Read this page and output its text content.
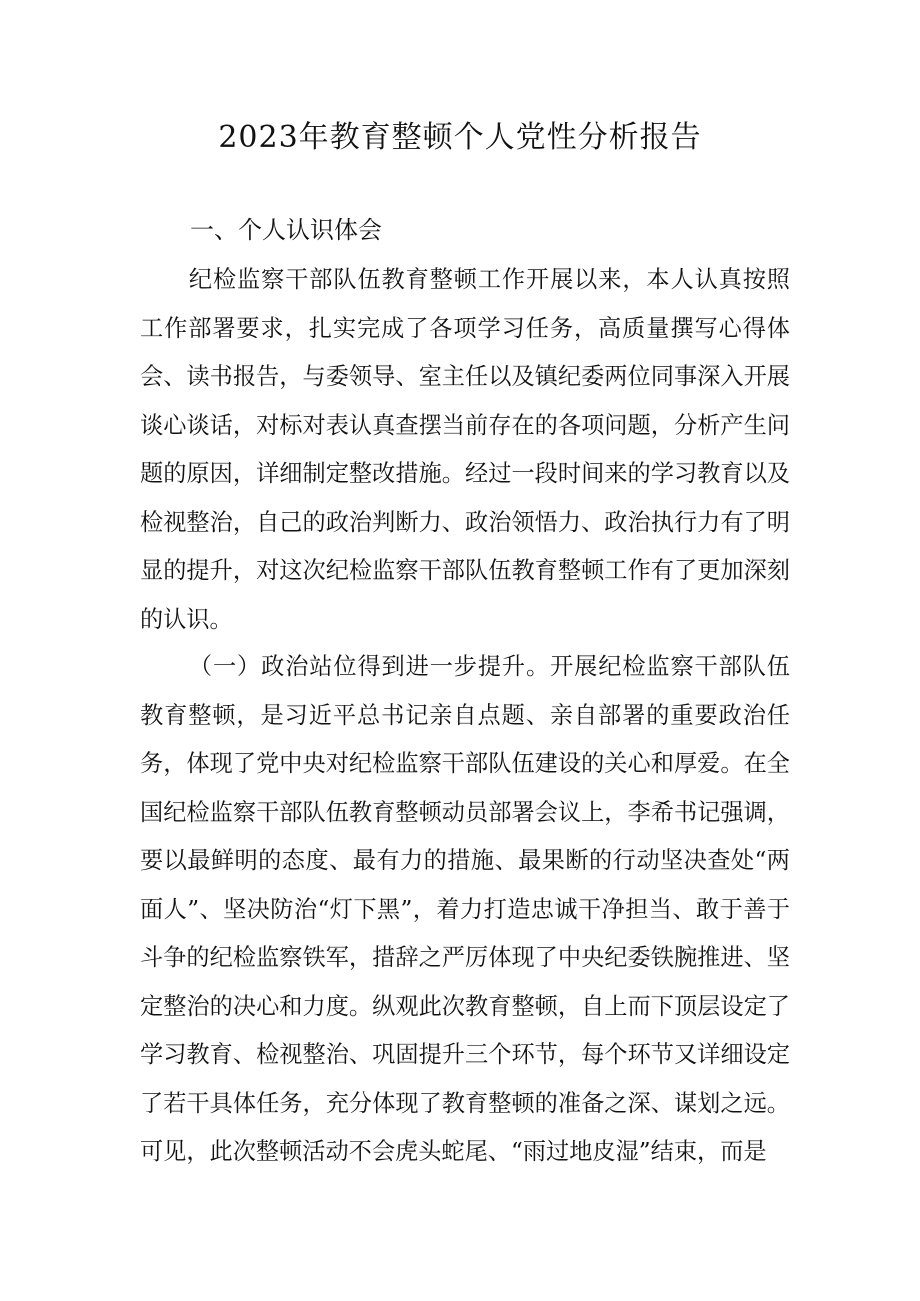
2023年教育整顿个人党性分析报告
一、个人认识体会

纪检监察干部队伍教育整顿工作开展以来，本人认真按照工作部署要求，扎实完成了各项学习任务，高质量撰写心得体会、读书报告，与委领导、室主任以及镇纪委两位同事深入开展谈心谈话，对标对表认真查摆当前存在的各项问题，分析产生问题的原因，详细制定整改措施。经过一段时间来的学习教育以及检视整治，自己的政治判断力、政治领悟力、政治执行力有了明显的提升，对这次纪检监察干部队伍教育整顿工作有了更加深刻的认识。

（一）政治站位得到进一步提升。开展纪检监察干部队伍教育整顿，是习近平总书记亲自点题、亲自部署的重要政治任务，体现了党中央对纪检监察干部队伍建设的关心和厚爱。在全国纪检监察干部队伍教育整顿动员部署会议上，李希书记强调，要以最鲜明的态度、最有力的措施、最果断的行动坚决查处“两面人”、坚决防治“灯下黑”，着力打造忠诚干净担当、敢于善于斗争的纪检监察铁军，措辞之严厉体现了中央纪委铁腕推进、坚定整治的决心和力度。纵观此次教育整顿，自上而下顶层设定了学习教育、检视整治、巩固提升三个环节，每个环节又详细设定了若干具体任务，充分体现了教育整顿的准备之深、谋划之远。可见，此次整顿活动不会虎头蛇尾、“雨过地皮湿”结束，而是
